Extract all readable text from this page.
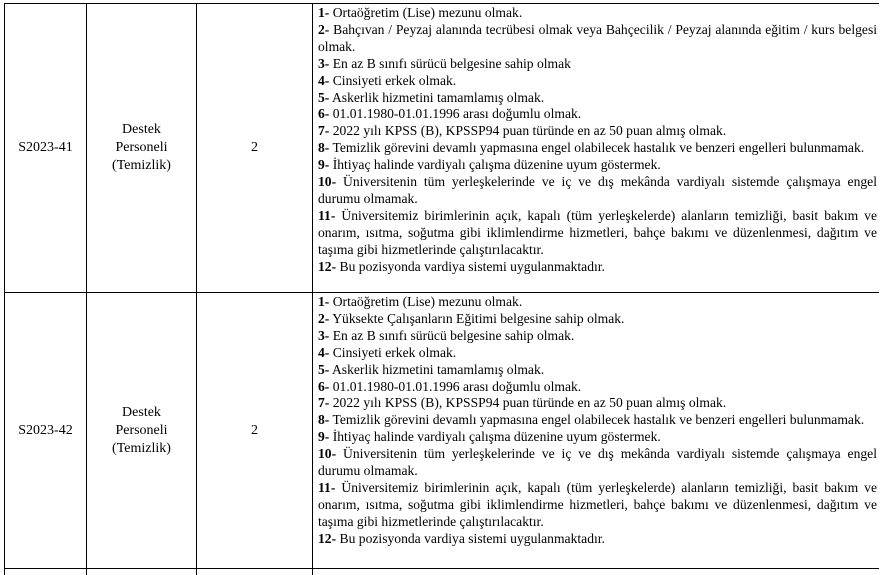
S2023-41
Destek Personeli (Temizlik)
2
1- Ortaöğretim (Lise) mezunu olmak.
2- Bahçıvan / Peyzaj alanında tecrübesi olmak veya Bahçecilik / Peyzaj alanında eğitim / kurs belgesi olmak.
3- En az B sınıfı sürücü belgesine sahip olmak
4- Cinsiyeti erkek olmak.
5- Askerlik hizmetini tamamlamış olmak.
6- 01.01.1980-01.01.1996 arası doğumlu olmak.
7- 2022 yılı KPSS (B), KPSSP94 puan türünde en az 50 puan almış olmak.
8- Temizlik görevini devamlı yapmasına engel olabilecek hastalık ve benzeri engelleri bulunmamak.
9- İhtiyaç halinde vardiyalı çalışma düzenine uyum göstermek.
10- Üniversitenin tüm yerleşkelerinde ve iç ve dış mekânda vardiyalı sistemde çalışmaya engel durumu olmamak.
11- Üniversitemiz birimlerinin açık, kapalı (tüm yerleşkelerde) alanların temizliği, basit bakım ve onarım, ısıtma, soğutma gibi iklimlendirme hizmetleri, bahçe bakımı ve düzenlenmesi, dağıtım ve taşıma gibi hizmetlerinde çalıştırılacaktır.
12- Bu pozisyonda vardiya sistemi uygulanmaktadır.
S2023-42
Destek Personeli (Temizlik)
2
1- Ortaöğretim (Lise) mezunu olmak.
2- Yüksekte Çalışanların Eğitimi belgesine sahip olmak.
3- En az B sınıfı sürücü belgesine sahip olmak.
4- Cinsiyeti erkek olmak.
5- Askerlik hizmetini tamamlamış olmak.
6- 01.01.1980-01.01.1996 arası doğumlu olmak.
7- 2022 yılı KPSS (B), KPSSP94 puan türünde en az 50 puan almış olmak.
8- Temizlik görevini devamlı yapmasına engel olabilecek hastalık ve benzeri engelleri bulunmamak.
9- İhtiyaç halinde vardiyalı çalışma düzenine uyum göstermek.
10- Üniversitenin tüm yerleşkelerinde ve iç ve dış mekânda vardiyalı sistemde çalışmaya engel durumu olmamak.
11- Üniversitemiz birimlerinin açık, kapalı (tüm yerleşkelerde) alanların temizliği, basit bakım ve onarım, ısıtma, soğutma gibi iklimlendirme hizmetleri, bahçe bakımı ve düzenlenmesi, dağıtım ve taşıma gibi hizmetlerinde çalıştırılacaktır.
12- Bu pozisyonda vardiya sistemi uygulanmaktadır.
